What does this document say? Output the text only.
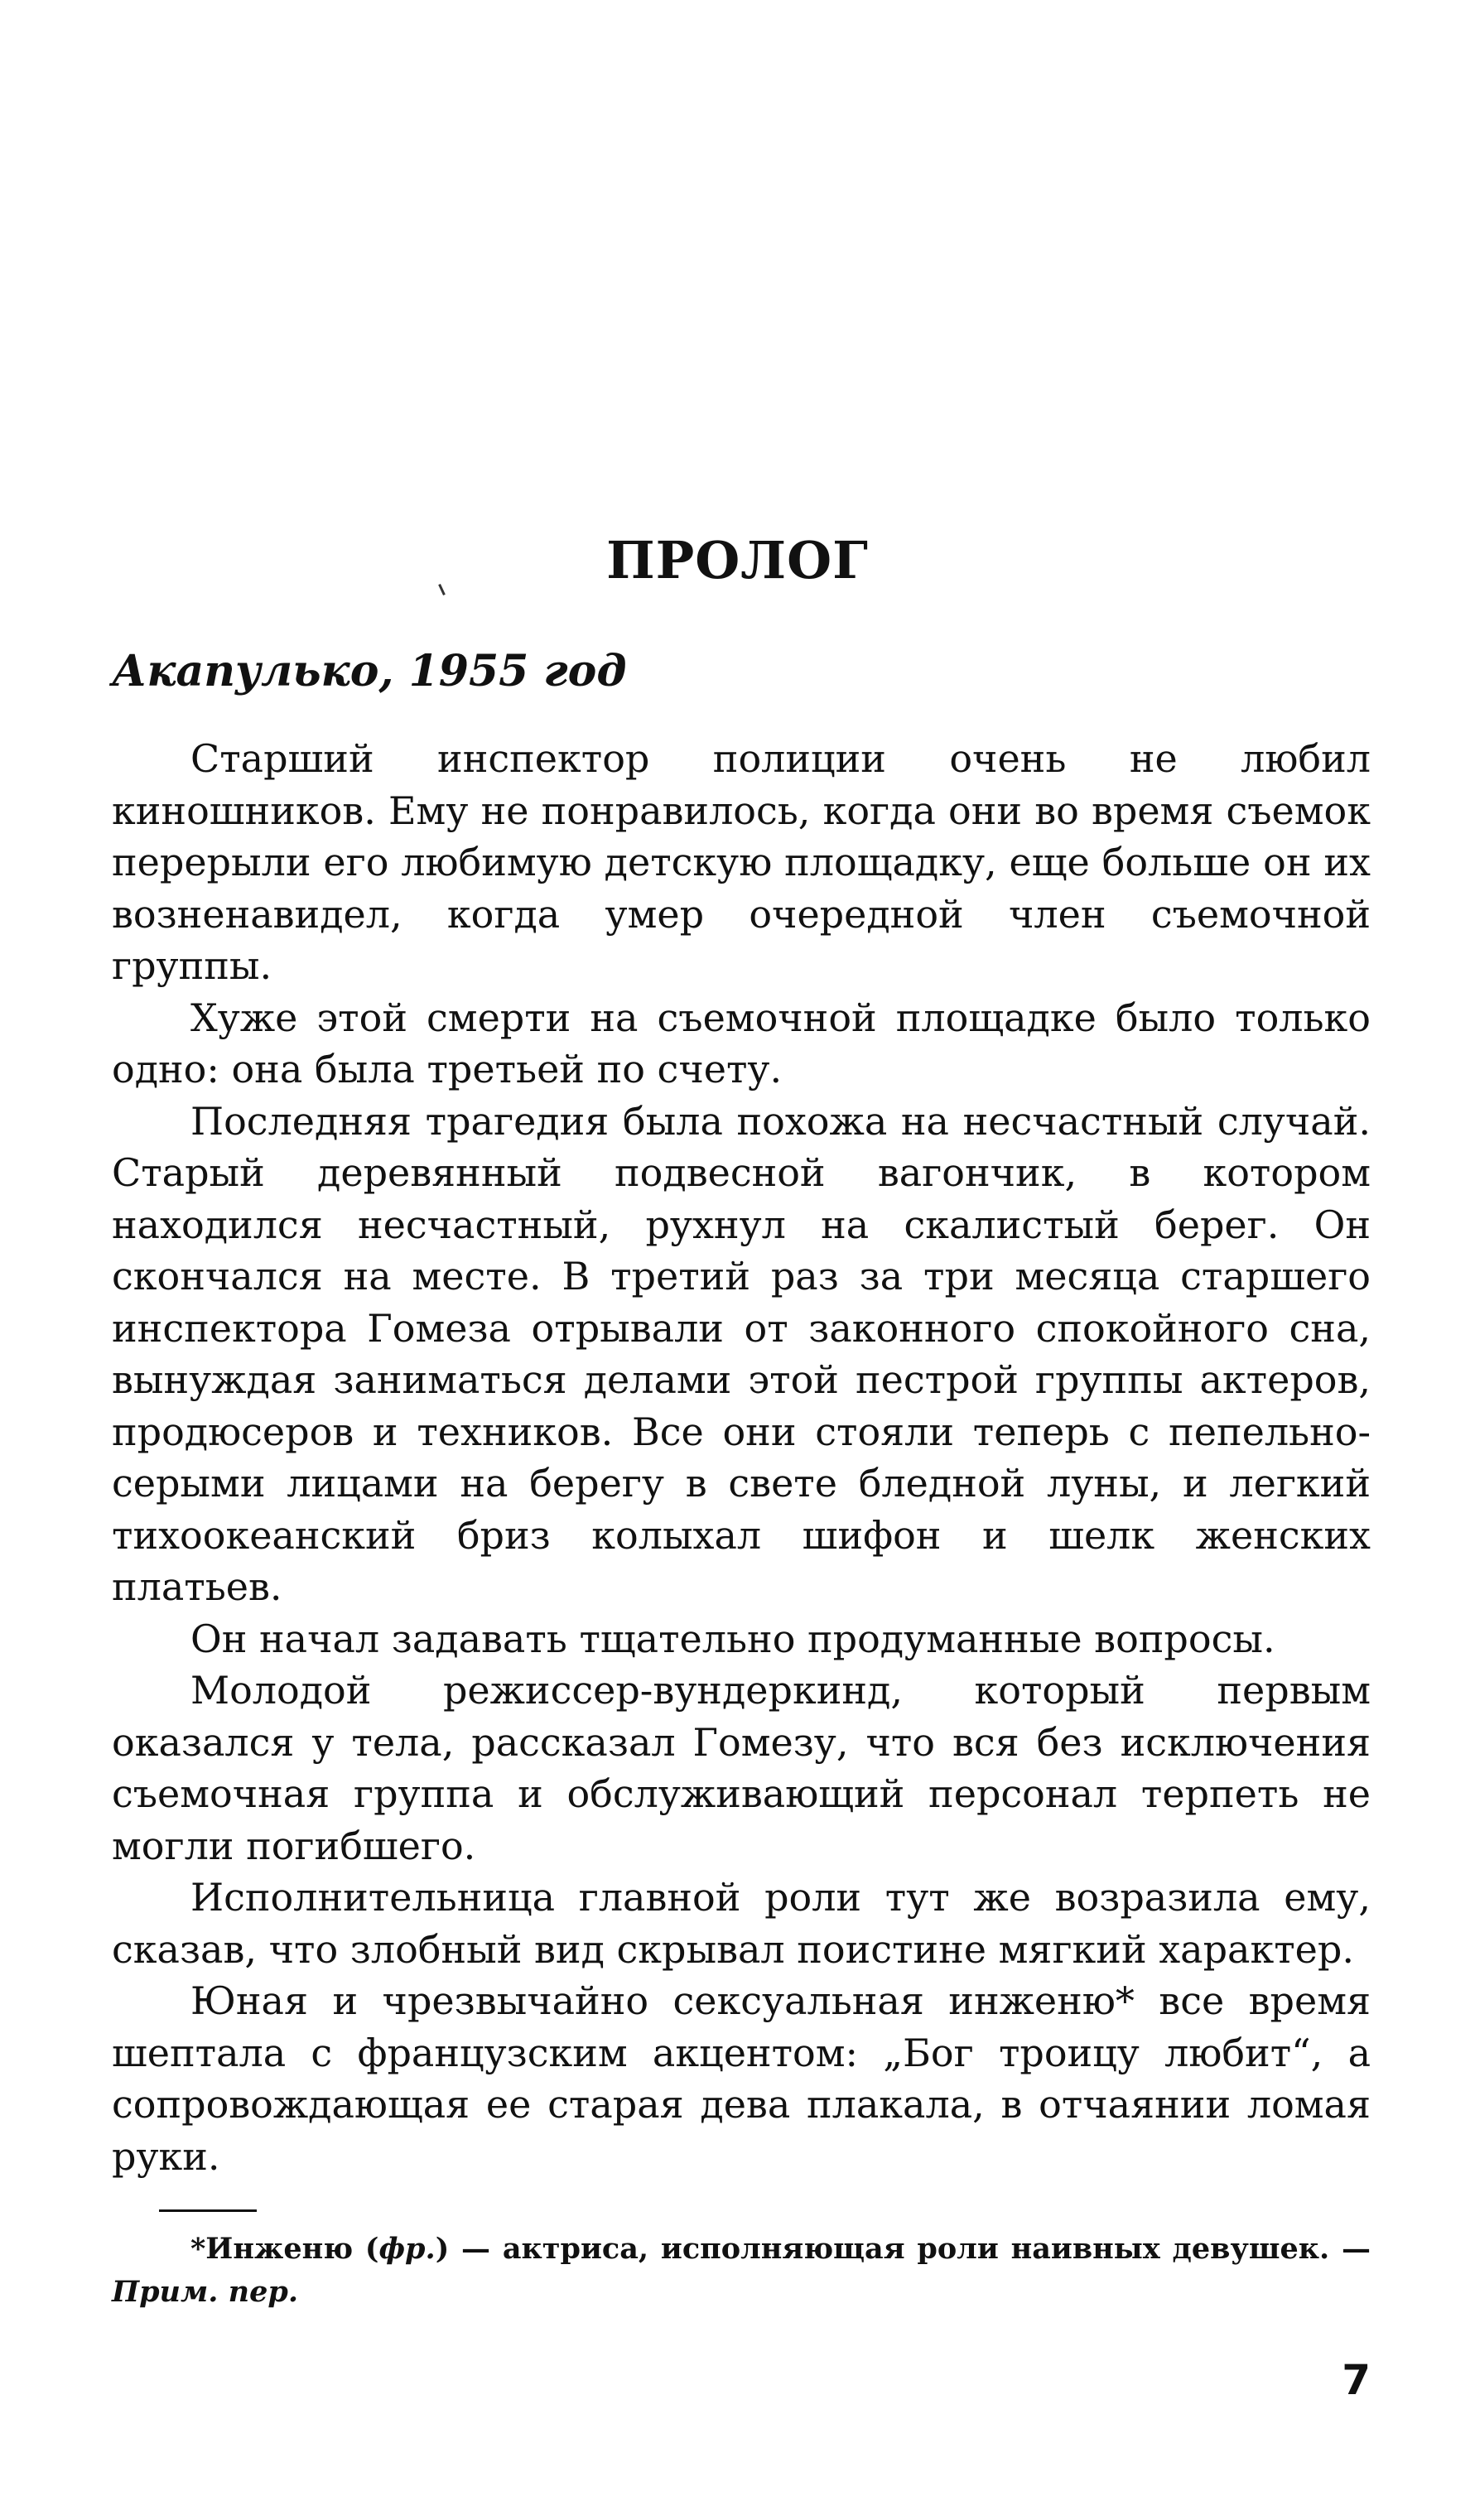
ПРОЛОГ
Акапулько, 1955 год

Старший инспектор полиции очень не любил киношников. Ему не понравилось, когда они во время съемок перерыли его любимую детскую площадку, еще больше он их возненавидел, когда умер очередной член съемочной группы.

Хуже этой смерти на съемочной площадке было только одно: она была третьей по счету.

Последняя трагедия была похожа на несчастный случай. Старый деревянный подвесной вагончик, в котором находился несчастный, рухнул на скалистый берег. Он скончался на месте. В третий раз за три месяца старшего инспектора Гомеза отрывали от законного спокойного сна, вынуждая заниматься делами этой пестрой группы актеров, продюсеров и техников. Все они стояли теперь с пепельно-серыми лицами на берегу в свете бледной луны, и легкий тихоокеанский бриз колыхал шифон и шелк женских платьев.

Он начал задавать тщательно продуманные вопросы.

Молодой режиссер-вундеркинд, который первым оказался у тела, рассказал Гомезу, что вся без исключения съемочная группа и обслуживающий персонал терпеть не могли погибшего.

Исполнительница главной роли тут же возразила ему, сказав, что злобный вид скрывал поистине мягкий характер.

Юная и чрезвычайно сексуальная инженю* все время шептала с французским акцентом: „Бог троицу любит“, а сопровождающая ее старая дева плакала, в отчаянии ломая руки.

*Инженю (фр.) — актриса, исполняющая роли наивных девушек. — Прим. пер.

7
